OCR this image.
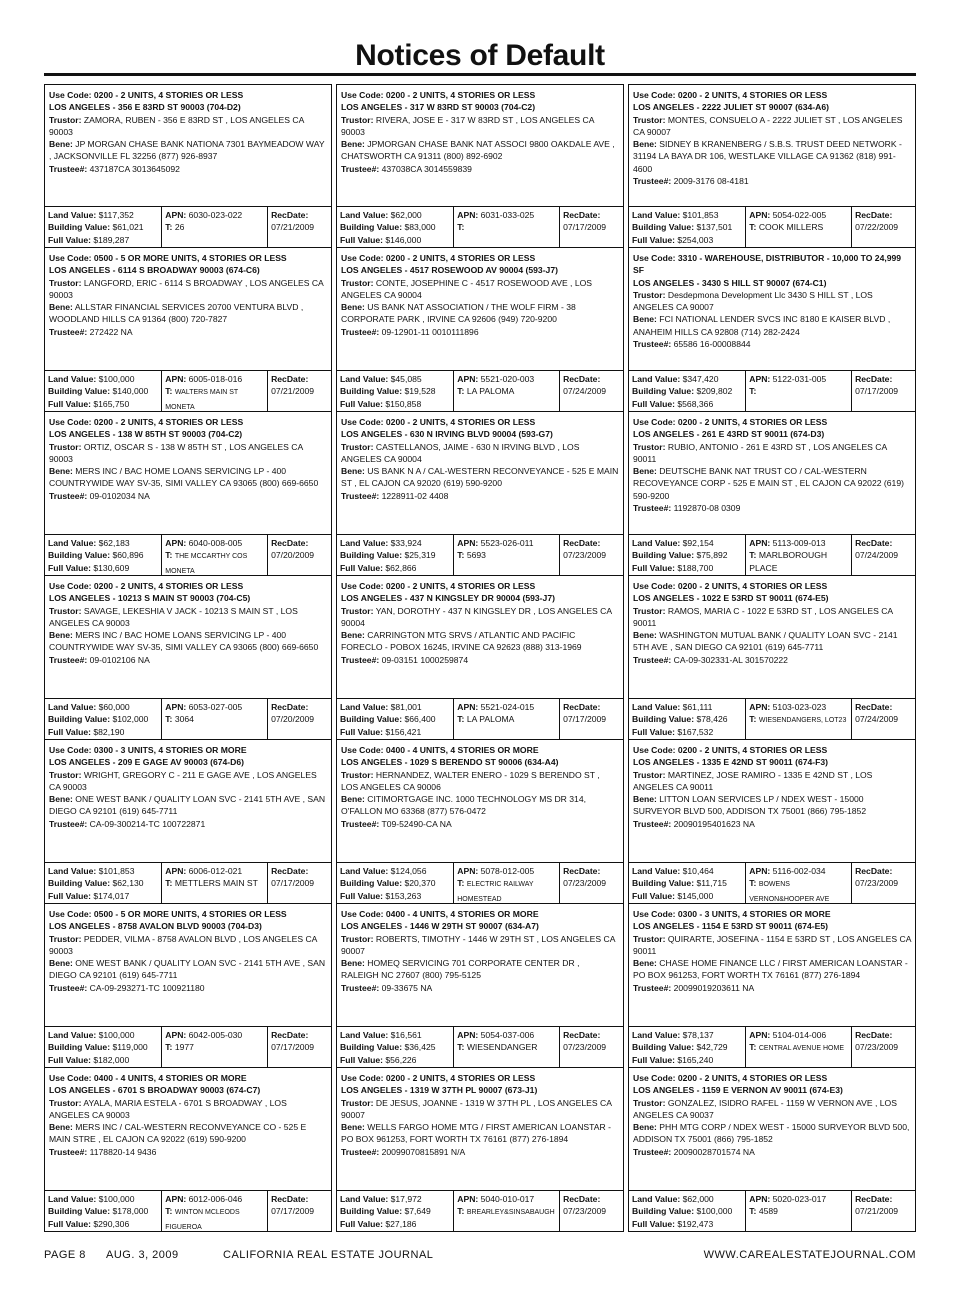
Notices of Default
Use Code: 0200 - 2 UNITS, 4 STORIES OR LESS
LOS ANGELES - 356 E 83RD ST 90003 (704-D2)
Trustor: ZAMORA, RUBEN - 356 E 83RD ST , LOS ANGELES CA 90003
Bene: JP MORGAN CHASE BANK NATIONA 7301 BAYMEADOW WAY , JACKSONVILLE FL 32256 (877) 926-8937
Trustee#: 437187CA 3013645092
Land Value: $117,352
Building Value: $61,021
Full Value: $189,287
APN: 6030-023-022
T: 26
RecDate:
07/21/2009
Use Code: 0500 - 5 OR MORE UNITS, 4 STORIES OR LESS
LOS ANGELES - 6114 S BROADWAY 90003 (674-C6)
Trustor: LANGFORD, ERIC - 6114 S BROADWAY , LOS ANGELES CA 90003
Bene: ALLSTAR FINANCIAL SERVICES 20700 VENTURA BLVD , WOODLAND HILLS CA 91364 (800) 720-7827
Trustee#: 272422 NA
Land Value: $100,000
Building Value: $140,000
Full Value: $165,750
APN: 6005-018-016
T: WALTERS MAIN ST MONETA
RecDate:
07/21/2009
Use Code: 0200 - 2 UNITS, 4 STORIES OR LESS
LOS ANGELES - 138 W 85TH ST 90003 (704-C2)
Trustor: ORTIZ, OSCAR S - 138 W 85TH ST , LOS ANGELES CA 90003
Bene: MERS INC / BAC HOME LOANS SERVICING LP - 400 COUNTRYWIDE WAY SV-35, SIMI VALLEY CA 93065 (800) 669-6650
Trustee#: 09-0102034 NA
Land Value: $62,183
Building Value: $60,896
Full Value: $130,609
APN: 6040-008-005
T: THE MCCARTHY COS MONETA
RecDate:
07/20/2009
Use Code: 0200 - 2 UNITS, 4 STORIES OR LESS
LOS ANGELES - 10213 S MAIN ST 90003 (704-C5)
Trustor: SAVAGE, LEKESHIA V JACK - 10213 S MAIN ST , LOS ANGELES CA 90003
Bene: MERS INC / BAC HOME LOANS SERVICING LP - 400 COUNTRYWIDE WAY SV-35, SIMI VALLEY CA 93065 (800) 669-6650
Trustee#: 09-0102106 NA
Land Value: $60,000
Building Value: $102,000
Full Value: $82,190
APN: 6053-027-005
T: 3064
RecDate:
07/20/2009
Use Code: 0300 - 3 UNITS, 4 STORIES OR MORE
LOS ANGELES - 209 E GAGE AV 90003 (674-D6)
Trustor: WRIGHT, GREGORY C - 211 E GAGE AVE , LOS ANGELES CA 90003
Bene: ONE WEST BANK / QUALITY LOAN SVC - 2141 5TH AVE , SAN DIEGO CA 92101 (619) 645-7711
Trustee#: CA-09-300214-TC 100722871
Land Value: $101,853
Building Value: $62,130
Full Value: $174,017
APN: 6006-012-021
T: METTLERS MAIN ST
RecDate:
07/17/2009
Use Code: 0500 - 5 OR MORE UNITS, 4 STORIES OR LESS
LOS ANGELES - 8758 AVALON BLVD 90003 (704-D3)
Trustor: PEDDER, VILMA - 8758 AVALON BLVD , LOS ANGELES CA 90003
Bene: ONE WEST BANK / QUALITY LOAN SVC - 2141 5TH AVE , SAN DIEGO CA 92101 (619) 645-7711
Trustee#: CA-09-293271-TC 100921180
Land Value: $100,000
Building Value: $119,000
Full Value: $182,000
APN: 6042-005-030
T: 1977
RecDate:
07/17/2009
Use Code: 0400 - 4 UNITS, 4 STORIES OR MORE
LOS ANGELES - 6701 S BROADWAY 90003 (674-C7)
Trustor: AYALA, MARIA ESTELA - 6701 S BROADWAY , LOS ANGELES CA 90003
Bene: MERS INC / CAL-WESTERN RECONVEYANCE CO - 525 E MAIN STRE , EL CAJON CA 92022 (619) 590-9200
Trustee#: 1178820-14 9436
Land Value: $100,000
Building Value: $178,000
Full Value: $290,306
APN: 6012-006-046
T: WINTON MCLEODS FIGUEROA
RecDate:
07/17/2009
Use Code: 0200 - 2 UNITS, 4 STORIES OR LESS
LOS ANGELES - 317 W 83RD ST 90003 (704-C2)
Trustor: RIVERA, JOSE E - 317 W 83RD ST , LOS ANGELES CA 90003
Bene: JPMORGAN CHASE BANK NAT ASSOCI 9800 OAKDALE AVE , CHATSWORTH CA 91311 (800) 892-6902
Trustee#: 437038CA 3014559839
Land Value: $62,000
Building Value: $83,000
Full Value: $146,000
APN: 6031-033-025
T:
RecDate:
07/17/2009
Use Code: 0200 - 2 UNITS, 4 STORIES OR LESS
LOS ANGELES - 4517 ROSEWOOD AV 90004 (593-J7)
Trustor: CONTE, JOSEPHINE C - 4517 ROSEWOOD AVE , LOS ANGELES CA 90004
Bene: US BANK NAT ASSOCIATION / THE WOLF FIRM - 38 CORPORATE PARK , IRVINE CA 92606 (949) 720-9200
Trustee#: 09-12901-11 0010111896
Land Value: $45,085
Building Value: $19,528
Full Value: $150,858
APN: 5521-020-003
T: LA PALOMA
RecDate:
07/24/2009
Use Code: 0200 - 2 UNITS, 4 STORIES OR LESS
LOS ANGELES - 630 N IRVING BLVD 90004 (593-G7)
Trustor: CASTELLANOS, JAIME - 630 N IRVING BLVD , LOS ANGELES CA 90004
Bene: US BANK N A / CAL-WESTERN RECONVEYANCE - 525 E MAIN ST , EL CAJON CA 92020 (619) 590-9200
Trustee#: 1228911-02 4408
Land Value: $33,924
Building Value: $25,319
Full Value: $62,866
APN: 5523-026-011
T: 5693
RecDate:
07/23/2009
Use Code: 0200 - 2 UNITS, 4 STORIES OR LESS
LOS ANGELES - 437 N KINGSLEY DR 90004 (593-J7)
Trustor: YAN, DOROTHY - 437 N KINGSLEY DR , LOS ANGELES CA 90004
Bene: CARRINGTON MTG SRVS / ATLANTIC AND PACIFIC FORECLO - POBOX 16245, IRVINE CA 92623 (888) 313-1969
Trustee#: 09-03151 1000259874
Land Value: $81,001
Building Value: $66,400
Full Value: $156,421
APN: 5521-024-015
T: LA PALOMA
RecDate:
07/17/2009
Use Code: 0400 - 4 UNITS, 4 STORIES OR MORE
LOS ANGELES - 1029 S BERENDO ST 90006 (634-A4)
Trustor: HERNANDEZ, WALTER ENERO - 1029 S BERENDO ST , LOS ANGELES CA 90006
Bene: CITIMORTGAGE INC. 1000 TECHNOLOGY MS DR 314, O'FALLON MO 63368 (877) 576-0472
Trustee#: T09-52490-CA NA
Land Value: $124,056
Building Value: $20,370
Full Value: $153,263
APN: 5078-012-005
T: ELECTRIC RAILWAY HOMESTEAD
RecDate:
07/23/2009
Use Code: 0400 - 4 UNITS, 4 STORIES OR MORE
LOS ANGELES - 1446 W 29TH ST 90007 (634-A7)
Trustor: ROBERTS, TIMOTHY - 1446 W 29TH ST , LOS ANGELES CA 90007
Bene: HOMEQ SERVICING 701 CORPORATE CENTER DR , RALEIGH NC 27607 (800) 795-5125
Trustee#: 09-33675 NA
Land Value: $16,561
Building Value: $36,425
Full Value: $56,226
APN: 5054-037-006
T: WIESENDANGER
RecDate:
07/23/2009
Use Code: 0200 - 2 UNITS, 4 STORIES OR LESS
LOS ANGELES - 1319 W 37TH PL 90007 (673-J1)
Trustor: DE JESUS, JOANNE - 1319 W 37TH PL , LOS ANGELES CA 90007
Bene: WELLS FARGO HOME MTG / FIRST AMERICAN LOANSTAR - PO BOX 961253, FORT WORTH TX 76161 (877) 276-1894
Trustee#: 20099070815891 N/A
Land Value: $17,972
Building Value: $7,649
Full Value: $27,186
APN: 5040-010-017
T: BREARLEY&SINSABAUGH
RecDate:
07/23/2009
Use Code: 0200 - 2 UNITS, 4 STORIES OR LESS
LOS ANGELES - 2222 JULIET ST 90007 (634-A6)
Trustor: MONTES, CONSUELO A - 2222 JULIET ST , LOS ANGELES CA 90007
Bene: SIDNEY B KRANENBERG / S.B.S. TRUST DEED NETWORK - 31194 LA BAYA DR 106, WESTLAKE VILLAGE CA 91362 (818) 991-4600
Trustee#: 2009-3176 08-4181
Land Value: $101,853
Building Value: $137,501
Full Value: $254,003
APN: 5054-022-005
T: COOK MILLERS
RecDate:
07/22/2009
Use Code: 3310 - WAREHOUSE, DISTRIBUTOR - 10,000 TO 24,999 SF
LOS ANGELES - 3430 S HILL ST 90007 (674-C1)
Trustor: Desdepmona Development Llc 3430 S HILL ST , LOS ANGELES CA 90007
Bene: FCI NATIONAL LENDER SVCS INC 8180 E KAISER BLVD , ANAHEIM HILLS CA 92808 (714) 282-2424
Trustee#: 65586 16-00008844
Land Value: $347,420
Building Value: $209,802
Full Value: $568,366
APN: 5122-031-005
T:
RecDate:
07/17/2009
Use Code: 0200 - 2 UNITS, 4 STORIES OR LESS
LOS ANGELES - 261 E 43RD ST 90011 (674-D3)
Trustor: RUBIO, ANTONIO - 261 E 43RD ST , LOS ANGELES CA 90011
Bene: DEUTSCHE BANK NAT TRUST CO / CAL-WESTERN RECOVEYANCE CORP - 525 E MAIN ST , EL CAJON CA 92022 (619) 590-9200
Trustee#: 1192870-08 0309
Land Value: $92,154
Building Value: $75,892
Full Value: $188,700
APN: 5113-009-013
T: MARLBOROUGH PLACE
RecDate:
07/24/2009
Use Code: 0200 - 2 UNITS, 4 STORIES OR LESS
LOS ANGELES - 1022 E 53RD ST 90011 (674-E5)
Trustor: RAMOS, MARIA C - 1022 E 53RD ST , LOS ANGELES CA 90011
Bene: WASHINGTON MUTUAL BANK / QUALITY LOAN SVC - 2141 5TH AVE , SAN DIEGO CA 92101 (619) 645-7711
Trustee#: CA-09-302331-AL 301570222
Land Value: $61,111
Building Value: $78,426
Full Value: $167,532
APN: 5103-023-023
T: WIESENDANGERS, LOT23
RecDate:
07/24/2009
Use Code: 0200 - 2 UNITS, 4 STORIES OR LESS
LOS ANGELES - 1335 E 42ND ST 90011 (674-F3)
Trustor: MARTINEZ, JOSE RAMIRO - 1335 E 42ND ST , LOS ANGELES CA 90011
Bene: LITTON LOAN SERVICES LP / NDEX WEST - 15000 SURVEYOR BLVD 500, ADDISON TX 75001 (866) 795-1852
Trustee#: 20090195401623 NA
Land Value: $10,464
Building Value: $11,715
Full Value: $145,000
APN: 5116-002-034
T: BOWENS VERNON&HOOPER AVE
RecDate:
07/23/2009
Use Code: 0300 - 3 UNITS, 4 STORIES OR MORE
LOS ANGELES - 1154 E 53RD ST 90011 (674-E5)
Trustor: QUIRARTE, JOSEFINA - 1154 E 53RD ST , LOS ANGELES CA 90011
Bene: CHASE HOME FINANCE LLC / FIRST AMERICAN LOANSTAR - PO BOX 961253, FORT WORTH TX 76161 (877) 276-1894
Trustee#: 20099019203611 NA
Land Value: $78,137
Building Value: $42,729
Full Value: $165,240
APN: 5104-014-006
T: CENTRAL AVENUE HOME
RecDate:
07/23/2009
Use Code: 0200 - 2 UNITS, 4 STORIES OR LESS
LOS ANGELES - 1159 E VERNON AV 90011 (674-E3)
Trustor: GONZALEZ, ISIDRO RAFEL - 1159 W VERNON AVE , LOS ANGELES CA 90037
Bene: PHH MTG CORP / NDEX WEST - 15000 SURVEYOR BLVD 500, ADDISON TX 75001 (866) 795-1852
Trustee#: 20090028701574 NA
Land Value: $62,000
Building Value: $100,000
Full Value: $192,473
APN: 5020-023-017
T: 4589
RecDate:
07/21/2009
PAGE 8 AUG. 3, 2009	CALIFORNIA REAL ESTATE JOURNAL	WWW.CAREALESTATEJOURNAL.COM
